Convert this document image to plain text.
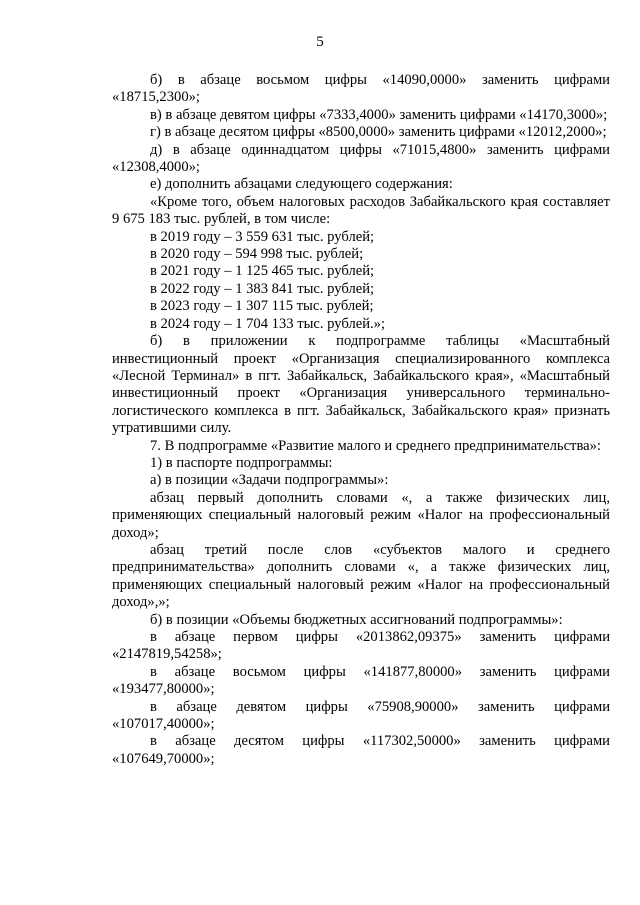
5

б) в абзаце восьмом цифры «14090,0000» заменить цифрами «18715,2300»;

в) в абзаце девятом цифры «7333,4000» заменить цифрами «14170,3000»;

г) в абзаце десятом цифры «8500,0000» заменить цифрами «12012,2000»;

д) в абзаце одиннадцатом цифры «71015,4800» заменить цифрами «12308,4000»;

е) дополнить абзацами следующего содержания:

«Кроме того, объем налоговых расходов Забайкальского края составляет 9 675 183 тыс. рублей, в том числе:

в 2019 году – 3 559 631 тыс. рублей;

в 2020 году – 594 998 тыс. рублей;

в 2021 году – 1 125 465 тыс. рублей;

в 2022 году – 1 383 841 тыс. рублей;

в 2023 году – 1 307 115 тыс. рублей;

в 2024 году – 1 704 133 тыс. рублей.»;

б) в приложении к подпрограмме таблицы «Масштабный инвестиционный проект «Организация специализированного комплекса «Лесной Терминал» в пгт. Забайкальск, Забайкальского края», «Масштабный инвестиционный проект «Организация универсального терминально-логистического комплекса в пгт. Забайкальск, Забайкальского края» признать утратившими силу.

7. В подпрограмме «Развитие малого и среднего предпринимательства»:

1) в паспорте подпрограммы:

а) в позиции «Задачи подпрограммы»:

абзац первый дополнить словами «, а также физических лиц, применяющих специальный налоговый режим «Налог на профессиональный доход»;

абзац третий после слов «субъектов малого и среднего предпринимательства» дополнить словами «, а также физических лиц, применяющих специальный налоговый режим «Налог на профессиональный доход»,»;

б) в позиции «Объемы бюджетных ассигнований подпрограммы»:

в абзаце первом цифры «2013862,09375» заменить цифрами «2147819,54258»;

в абзаце восьмом цифры «141877,80000» заменить цифрами «193477,80000»;

в абзаце девятом цифры «75908,90000» заменить цифрами «107017,40000»;

в абзаце десятом цифры «117302,50000» заменить цифрами «107649,70000»;
